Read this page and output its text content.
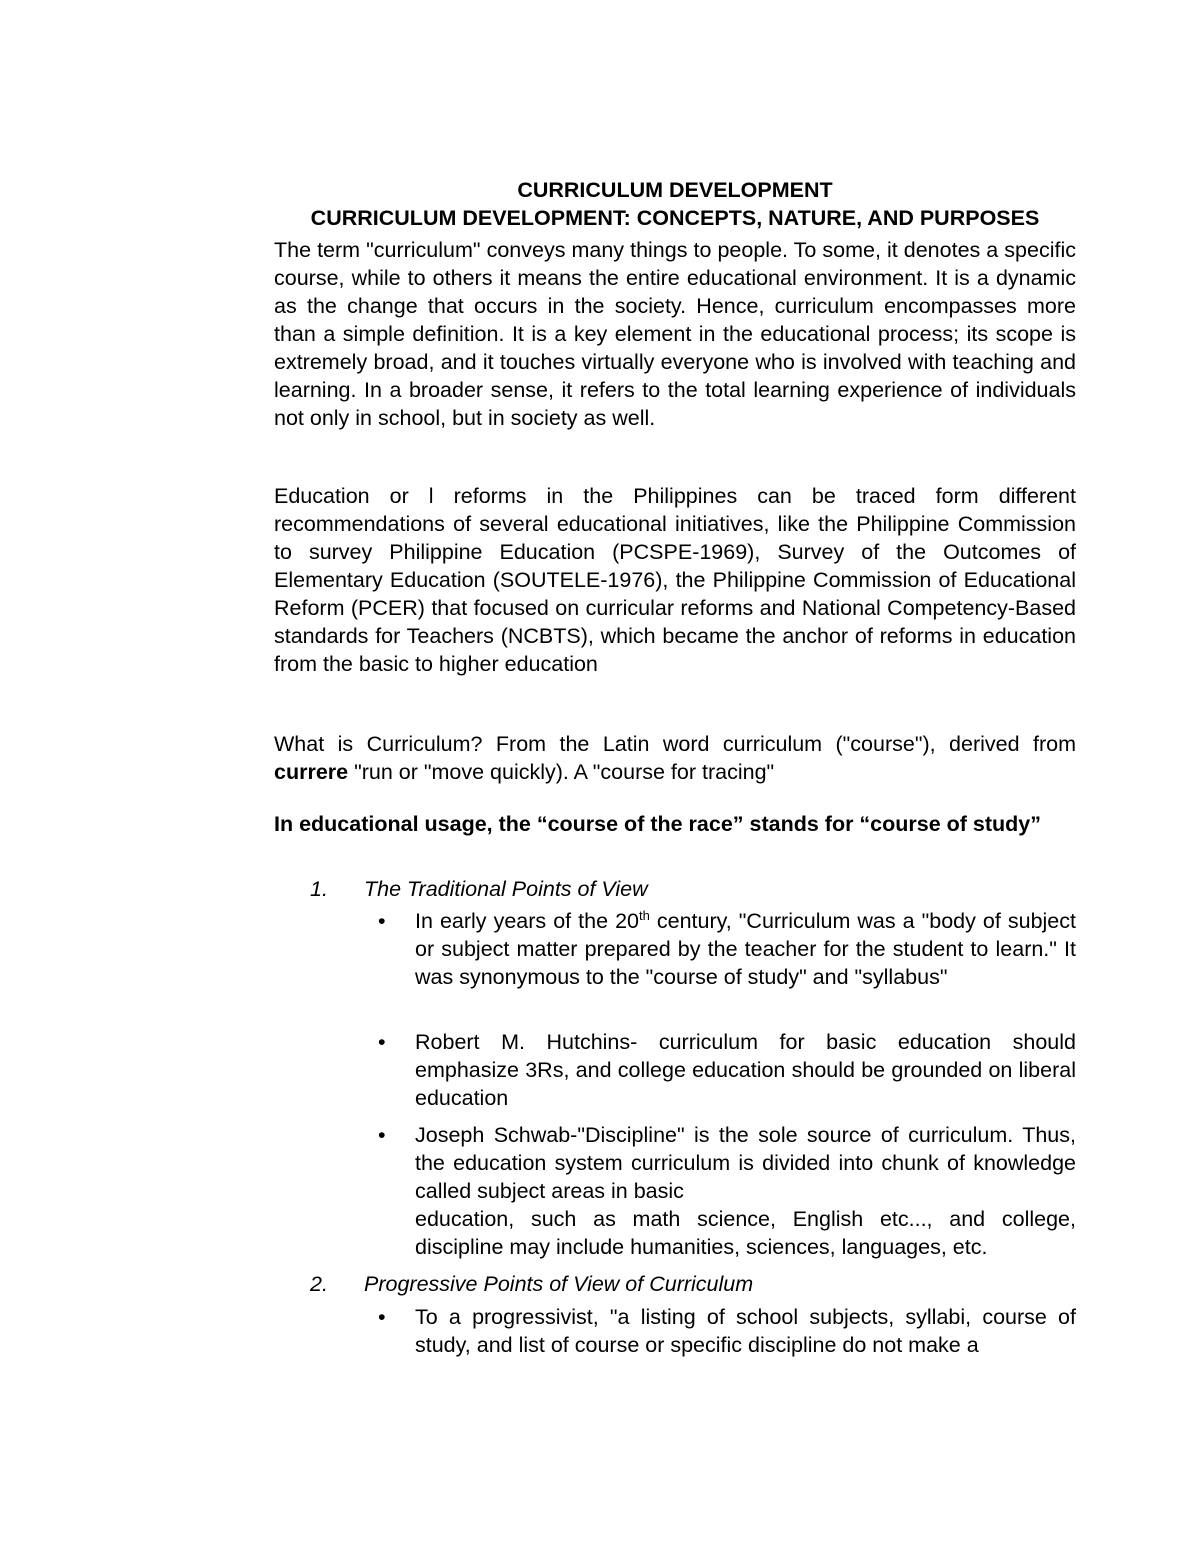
CURRICULUM DEVELOPMENT
CURRICULUM DEVELOPMENT: CONCEPTS, NATURE, AND PURPOSES
The term "curriculum" conveys many things to people. To some, it denotes a specific course, while to others it means the entire educational environment. It is a dynamic as the change that occurs in the society. Hence, curriculum encompasses more than a simple definition. It is a key element in the educational process; its scope is extremely broad, and it touches virtually everyone who is involved with teaching and learning. In a broader sense, it refers to the total learning experience of individuals not only in school, but in society as well.
Education or l reforms in the Philippines can be traced form different recommendations of several educational initiatives, like the Philippine Commission to survey Philippine Education (PCSPE-1969), Survey of the Outcomes of Elementary Education (SOUTELE-1976), the Philippine Commission of Educational Reform (PCER) that focused on curricular reforms and National Competency-Based standards for Teachers (NCBTS), which became the anchor of reforms in education from the basic to higher education
What is Curriculum? From the Latin word curriculum ("course"), derived from currere "run or "move quickly). A "course for tracing"
In educational usage, the “course of the race” stands for “course of study”
1.	The Traditional Points of View
•	In early years of the 20th century, "Curriculum was a "body of subject or subject matter prepared by the teacher for the student to learn." It was synonymous to the "course of study" and "syllabus"
•	Robert M. Hutchins- curriculum for basic education should emphasize 3Rs, and college education should be grounded on liberal education
•	Joseph Schwab-"Discipline" is the sole source of curriculum. Thus, the education system curriculum is divided into chunk of knowledge called subject areas in basic
education, such as math science, English etc..., and college, discipline may include humanities, sciences, languages, etc.
2.	Progressive Points of View of Curriculum
•	To a progressivist, "a listing of school subjects, syllabi, course of study, and list of course or specific discipline do not make a
